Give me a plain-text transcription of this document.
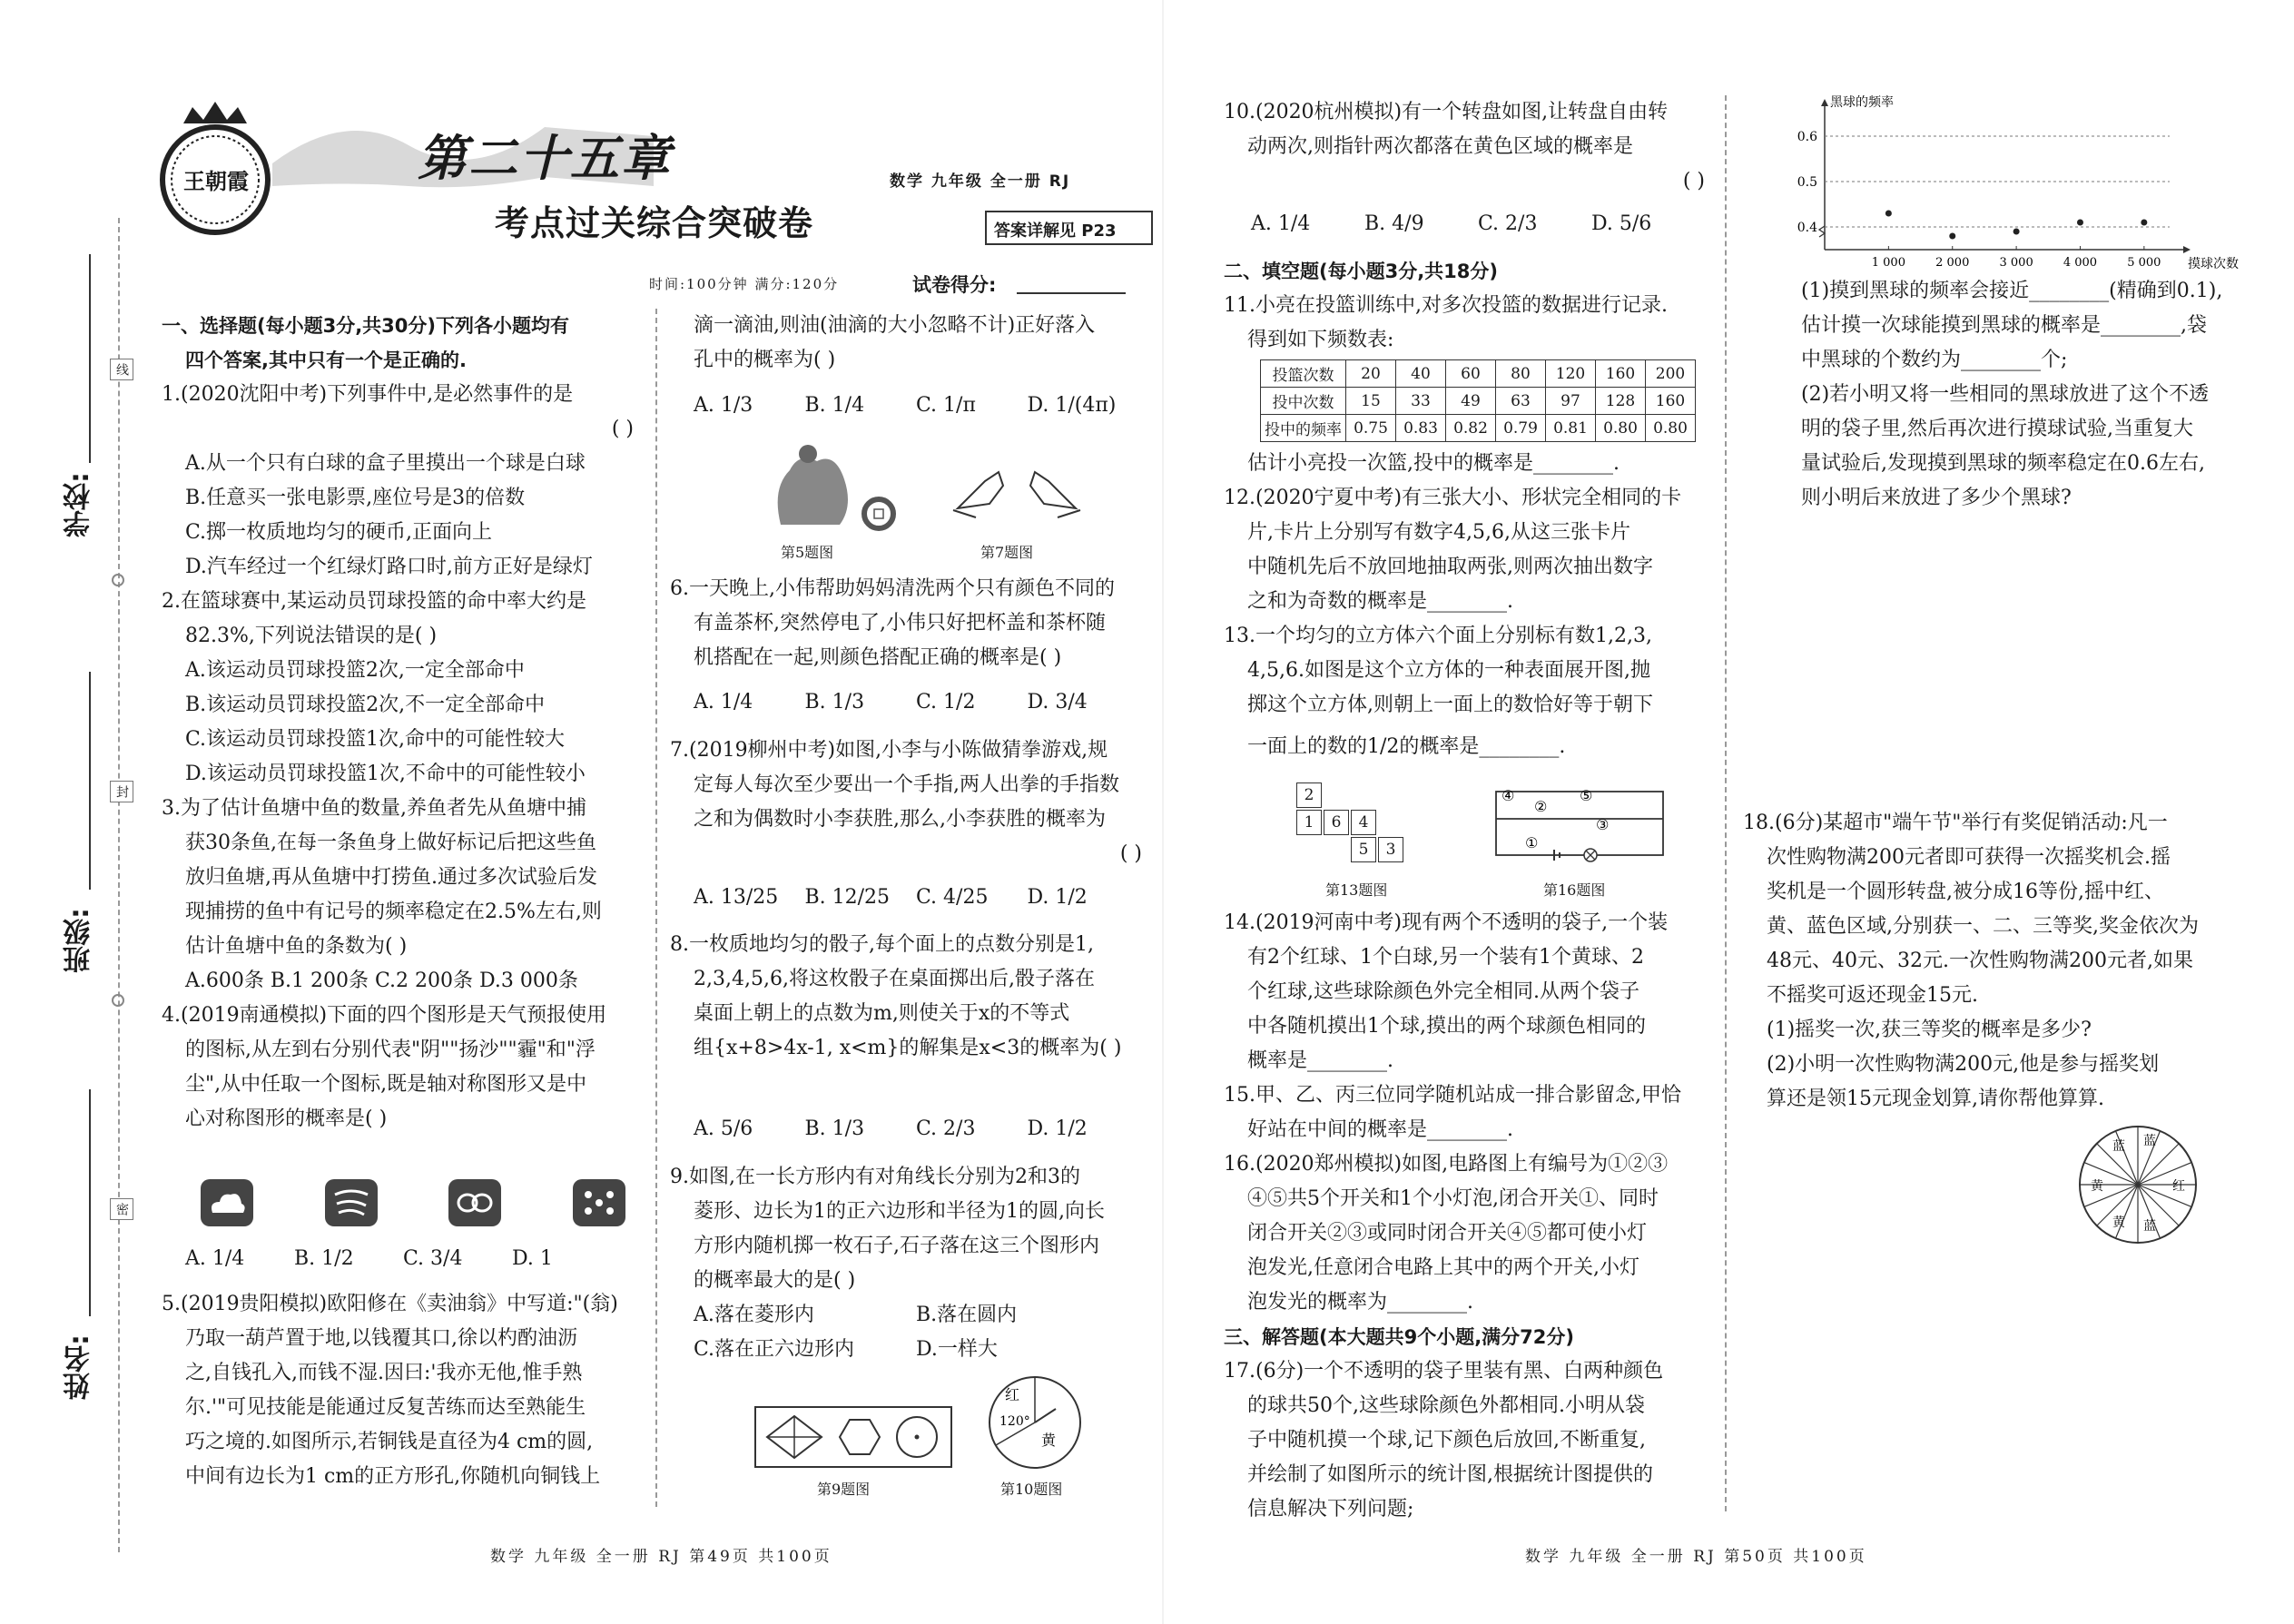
学校:
班级:
姓名:
线
封
密
王朝霞	第二十五章
考点过关综合突破卷
数学 九年级 全一册 RJ
答案详解见 P23
时间:100分钟 满分:120分	试卷得分:
一、选择题(每小题3分,共30分)下列各小题均有
四个答案,其中只有一个是正确的.
1.(2020沈阳中考)下列事件中,是必然事件的是
( )
A.从一个只有白球的盒子里摸出一个球是白球
B.任意买一张电影票,座位号是3的倍数
C.掷一枚质地均匀的硬币,正面向上
D.汽车经过一个红绿灯路口时,前方正好是绿灯
2.在篮球赛中,某运动员罚球投篮的命中率大约是
82.3%,下列说法错误的是( )
A.该运动员罚球投篮2次,一定全部命中
B.该运动员罚球投篮2次,不一定全部命中
C.该运动员罚球投篮1次,命中的可能性较大
D.该运动员罚球投篮1次,不命中的可能性较小
3.为了估计鱼塘中鱼的数量,养鱼者先从鱼塘中捕
获30条鱼,在每一条鱼身上做好标记后把这些鱼
放归鱼塘,再从鱼塘中打捞鱼.通过多次试验后发
现捕捞的鱼中有记号的频率稳定在2.5%左右,则
估计鱼塘中鱼的条数为( )
A.600条 B.1 200条 C.2 200条 D.3 000条
4.(2019南通模拟)下面的四个图形是天气预报使用
的图标,从左到右分别代表"阴""扬沙""霾"和"浮
尘",从中任取一个图标,既是轴对称图形又是中
心对称图形的概率是( )
A. 1/4	B. 1/2	C. 3/4	D. 1
5.(2019贵阳模拟)欧阳修在《卖油翁》中写道:"(翁)
乃取一葫芦置于地,以钱覆其口,徐以杓酌油沥
之,自钱孔入,而钱不湿.因曰:'我亦无他,惟手熟
尔.'"可见技能是能通过反复苦练而达至熟能生
巧之境的.如图所示,若铜钱是直径为4 cm的圆,
中间有边长为1 cm的正方形孔,你随机向铜钱上
滴一滴油,则油(油滴的大小忽略不计)正好落入
孔中的概率为( )
A. 1/3	B. 1/4	C. 1/π	D. 1/(4π)
第5题图	第7题图
6.一天晚上,小伟帮助妈妈清洗两个只有颜色不同的
有盖茶杯,突然停电了,小伟只好把杯盖和茶杯随
机搭配在一起,则颜色搭配正确的概率是( )
A. 1/4	B. 1/3	C. 1/2	D. 3/4
7.(2019柳州中考)如图,小李与小陈做猜拳游戏,规
定每人每次至少要出一个手指,两人出拳的手指数
之和为偶数时小李获胜,那么,小李获胜的概率为
( )
A. 13/25	B. 12/25	C. 4/25	D. 1/2
8.一枚质地均匀的骰子,每个面上的点数分别是1,
2,3,4,5,6,将这枚骰子在桌面掷出后,骰子落在
桌面上朝上的点数为m,则使关于x的不等式
组{x+8>4x-1, x<m}的解集是x<3的概率为( )
A. 5/6	B. 1/3	C. 2/3	D. 1/2
9.如图,在一长方形内有对角线长分别为2和3的
菱形、边长为1的正六边形和半径为1的圆,向长
方形内随机掷一枚石子,石子落在这三个图形内
的概率最大的是( )
A.落在菱形内	B.落在圆内
C.落在正六边形内	D.一样大
红
120°
黄
第9题图	第10题图
10.(2020杭州模拟)有一个转盘如图,让转盘自由转
动两次,则指针两次都落在黄色区域的概率是
( )
A. 1/4	B. 4/9	C. 2/3	D. 5/6
二、填空题(每小题3分,共18分)
11.小亮在投篮训练中,对多次投篮的数据进行记录.
得到如下频数表:
投篮次数	20	40	60	80	120	160	200
投中次数	15	33	49	63	97	128	160
投中的频率	0.75	0.83	0.82	0.79	0.81	0.80	0.80
估计小亮投一次篮,投中的概率是________.
12.(2020宁夏中考)有三张大小、形状完全相同的卡
片,卡片上分别写有数字4,5,6,从这三张卡片
中随机先后不放回地抽取两张,则两次抽出数字
之和为奇数的概率是________.
13.一个均匀的立方体六个面上分别标有数1,2,3,
4,5,6.如图是这个立方体的一种表面展开图,抛
掷这个立方体,则朝上一面上的数恰好等于朝下
一面上的数的1/2的概率是________.
2
1	6	4
5	3
④
②
⑤
③
①
第13题图	第16题图
14.(2019河南中考)现有两个不透明的袋子,一个装
有2个红球、1个白球,另一个装有1个黄球、2
个红球,这些球除颜色外完全相同.从两个袋子
中各随机摸出1个球,摸出的两个球颜色相同的
概率是________.
15.甲、乙、丙三位同学随机站成一排合影留念,甲恰
好站在中间的概率是________.
16.(2020郑州模拟)如图,电路图上有编号为①②③
④⑤共5个开关和1个小灯泡,闭合开关①、同时
闭合开关②③或同时闭合开关④⑤都可使小灯
泡发光,任意闭合电路上其中的两个开关,小灯
泡发光的概率为________.
三、解答题(本大题共9个小题,满分72分)
17.(6分)一个不透明的袋子里装有黑、白两种颜色
的球共50个,这些球除颜色外都相同.小明从袋
子中随机摸一个球,记下颜色后放回,不断重复,
并绘制了如图所示的统计图,根据统计图提供的
信息解决下列问题;
0.4
0.5
0.6
1 000	2 000	3 000	4 000	5 000
黑球的频率
摸球次数
(1)摸到黑球的频率会接近________(精确到0.1),
估计摸一次球能摸到黑球的概率是________,袋
中黑球的个数约为________个;
(2)若小明又将一些相同的黑球放进了这个不透
明的袋子里,然后再次进行摸球试验,当重复大
量试验后,发现摸到黑球的频率稳定在0.6左右,
则小明后来放进了多少个黑球?
18.(6分)某超市"端午节"举行有奖促销活动:凡一
次性购物满200元者即可获得一次摇奖机会.摇
奖机是一个圆形转盘,被分成16等份,摇中红、
黄、蓝色区域,分别获一、二、三等奖,奖金依次为
48元、40元、32元.一次性购物满200元者,如果
不摇奖可返还现金15元.
(1)摇奖一次,获三等奖的概率是多少?
(2)小明一次性购物满200元,他是参与摇奖划
算还是领15元现金划算,请你帮他算算.
蓝 蓝
黄	红
黄 蓝
数学 九年级 全一册 RJ 第49页 共100页	数学 九年级 全一册 RJ 第50页 共100页
